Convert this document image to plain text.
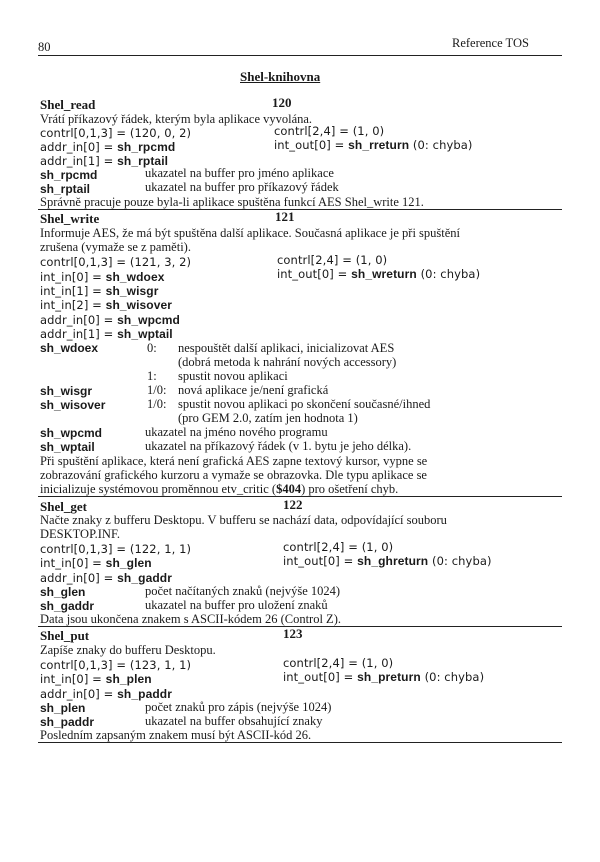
80	Reference TOS
Shel-knihovna
Shel_read	120
Vrátí příkazový řádek, kterým byla aplikace vyvolána.
contrl[0,1,3] = (120, 0, 2)	contrl[2,4] = (1, 0)
addr_in[0] = sh_rpcmd	int_out[0] = sh_rreturn (0: chyba)
addr_in[1] = sh_rptail
sh_rpcmd	ukazatel na buffer pro jméno aplikace
sh_rptail	ukazatel na buffer pro příkazový řádek
Správně pracuje pouze byla-li aplikace spuštěna funkcí AES Shel_write 121.
Shel_write	121
Informuje AES, že má být spuštěna další aplikace. Současná aplikace je při spuštění
zrušena (vymaže se z paměti).
contrl[0,1,3] = (121, 3, 2)	contrl[2,4] = (1, 0)
int_in[0] = sh_wdoex	int_out[0] = sh_wreturn (0: chyba)
int_in[1] = sh_wisgr
int_in[2] = sh_wisover
addr_in[0] = sh_wpcmd
addr_in[1] = sh_wptail
sh_wdoex	0: nespouštět další aplikaci, inicializovat AES
(dobrá metoda k nahrání nových accessory)
1: spustit novou aplikaci
sh_wisgr	1/0: nová aplikace je/není grafická
sh_wisover	1/0: spustit novou aplikaci po skončení současné/ihned
(pro GEM 2.0, zatím jen hodnota 1)
sh_wpcmd	ukazatel na jméno nového programu
sh_wptail	ukazatel na příkazový řádek (v 1. bytu je jeho délka).
Při spuštění aplikace, která není grafická AES zapne textový kursor, vypne se
zobrazování grafického kurzoru a vymaže se obrazovka. Dle typu aplikace se
inicializuje systémovou proměnnou etv_critic ($404) pro ošetření chyb.
Shel_get	122
Načte znaky z bufferu Desktopu. V bufferu se nachází data, odpovídající souboru
DESKTOP.INF.
contrl[0,1,3] = (122, 1, 1)	contrl[2,4] = (1, 0)
int_in[0] = sh_glen	int_out[0] = sh_ghreturn (0: chyba)
addr_in[0] = sh_gaddr
sh_glen	počet načítaných znaků (nejvýše 1024)
sh_gaddr	ukazatel na buffer pro uložení znaků
Data jsou ukončena znakem s ASCII-kódem 26 (Control Z).
Shel_put	123
Zapíše znaky do bufferu Desktopu.
contrl[0,1,3] = (123, 1, 1)	contrl[2,4] = (1, 0)
int_in[0] = sh_plen	int_out[0] = sh_preturn (0: chyba)
addr_in[0] = sh_paddr
sh_plen	počet znaků pro zápis (nejvýše 1024)
sh_paddr	ukazatel na buffer obsahující znaky
Posledním zapsaným znakem musí být ASCII-kód 26.
